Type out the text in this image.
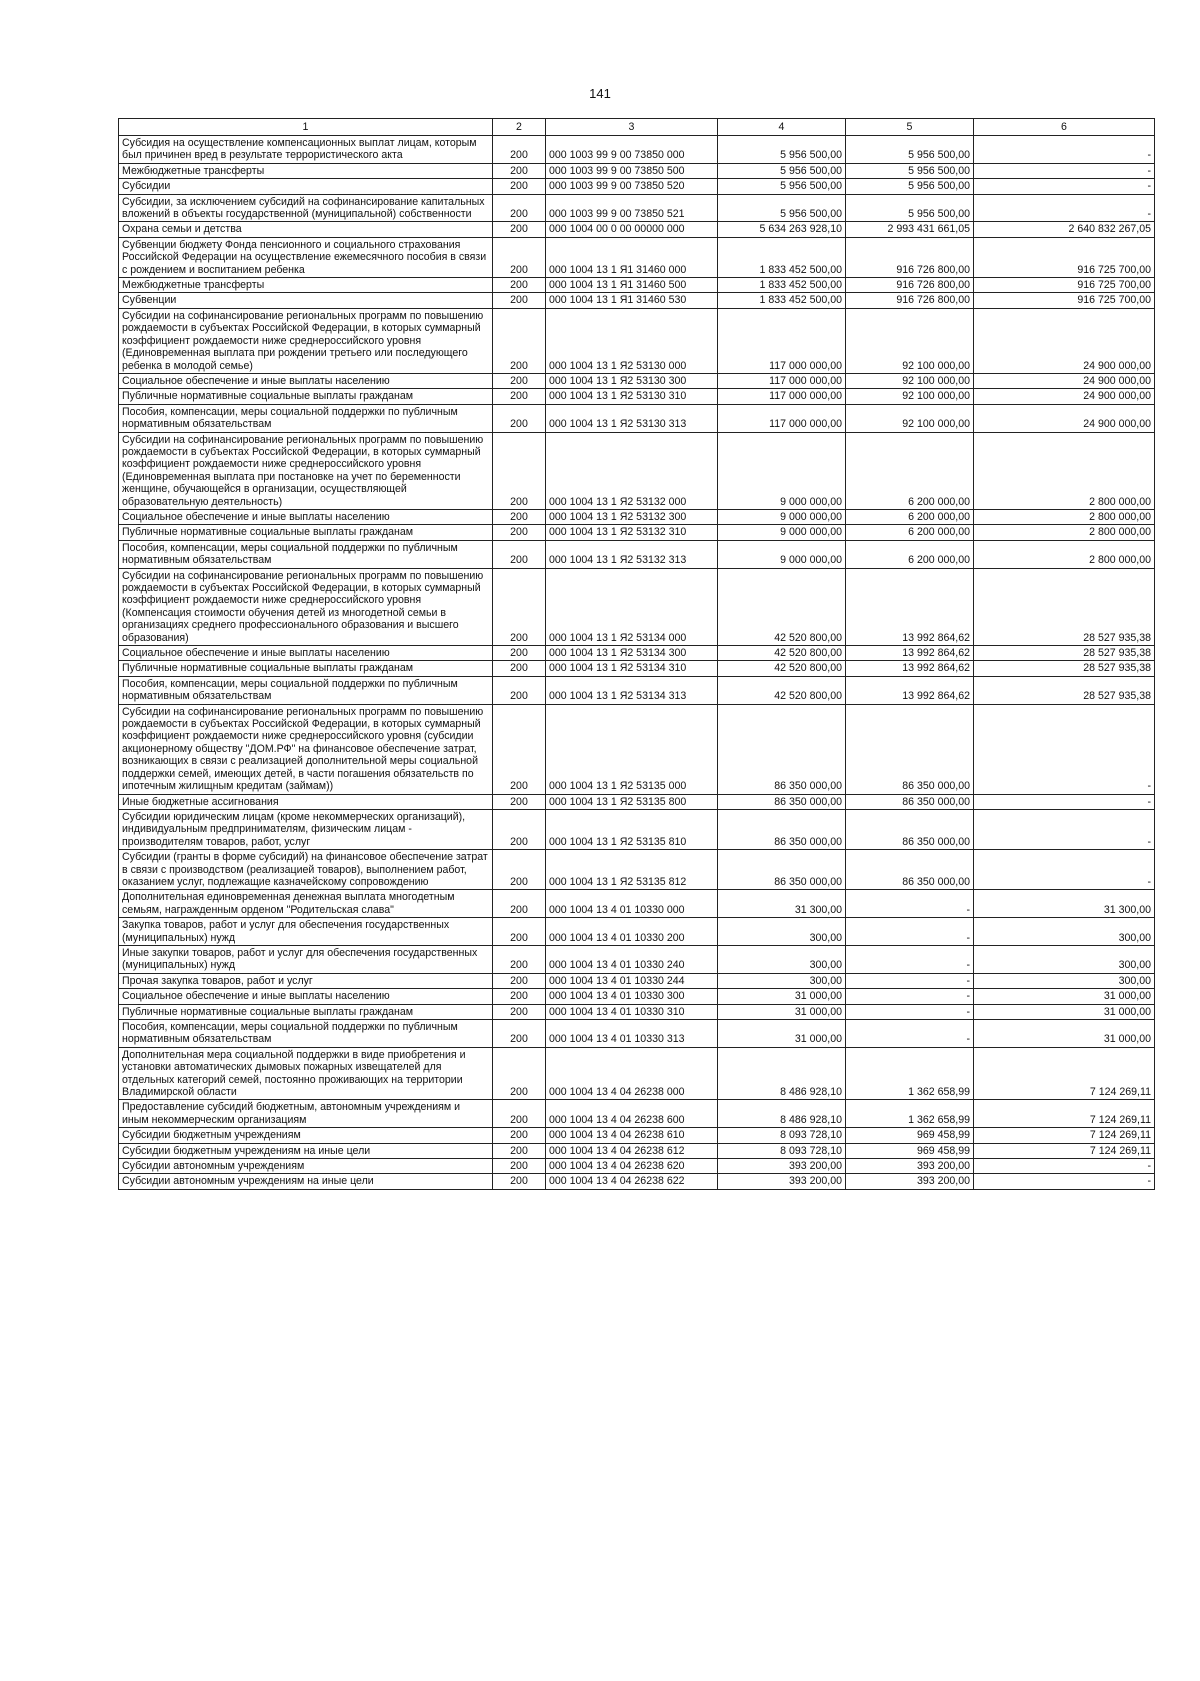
141
1	2	3	4	5	6
Субсидия на осуществление компенсационных выплат лицам, которым был причинен вред в результате террористического акта	200	000 1003 99 9 00 73850 000	5 956 500,00	5 956 500,00	-
Межбюджетные трансферты	200	000 1003 99 9 00 73850 500	5 956 500,00	5 956 500,00	-
Субсидии	200	000 1003 99 9 00 73850 520	5 956 500,00	5 956 500,00	-
Субсидии, за исключением субсидий на софинансирование капитальных вложений в объекты государственной (муниципальной) собственности	200	000 1003 99 9 00 73850 521	5 956 500,00	5 956 500,00	-
Охрана семьи и детства	200	000 1004 00 0 00 00000 000	5 634 263 928,10	2 993 431 661,05	2 640 832 267,05
Субвенции бюджету Фонда пенсионного и социального страхования Российской Федерации на осуществление ежемесячного пособия в связи с рождением и воспитанием ребенка	200	000 1004 13 1 Я1 31460 000	1 833 452 500,00	916 726 800,00	916 725 700,00
Межбюджетные трансферты	200	000 1004 13 1 Я1 31460 500	1 833 452 500,00	916 726 800,00	916 725 700,00
Субвенции	200	000 1004 13 1 Я1 31460 530	1 833 452 500,00	916 726 800,00	916 725 700,00
Субсидии на софинансирование региональных программ по повышению рождаемости в субъектах Российской Федерации, в которых суммарный коэффициент рождаемости ниже среднероссийского уровня (Единовременная выплата при рождении третьего или последующего ребенка в молодой семье)	200	000 1004 13 1 Я2 53130 000	117 000 000,00	92 100 000,00	24 900 000,00
Социальное обеспечение и иные выплаты населению	200	000 1004 13 1 Я2 53130 300	117 000 000,00	92 100 000,00	24 900 000,00
Публичные нормативные социальные выплаты гражданам	200	000 1004 13 1 Я2 53130 310	117 000 000,00	92 100 000,00	24 900 000,00
Пособия, компенсации, меры социальной поддержки по публичным нормативным обязательствам	200	000 1004 13 1 Я2 53130 313	117 000 000,00	92 100 000,00	24 900 000,00
Субсидии на софинансирование региональных программ по повышению рождаемости в субъектах Российской Федерации, в которых суммарный коэффициент рождаемости ниже среднероссийского уровня (Единовременная выплата при постановке на учет по беременности женщине, обучающейся в организации, осуществляющей образовательную деятельность)	200	000 1004 13 1 Я2 53132 000	9 000 000,00	6 200 000,00	2 800 000,00
Социальное обеспечение и иные выплаты населению	200	000 1004 13 1 Я2 53132 300	9 000 000,00	6 200 000,00	2 800 000,00
Публичные нормативные социальные выплаты гражданам	200	000 1004 13 1 Я2 53132 310	9 000 000,00	6 200 000,00	2 800 000,00
Пособия, компенсации, меры социальной поддержки по публичным нормативным обязательствам	200	000 1004 13 1 Я2 53132 313	9 000 000,00	6 200 000,00	2 800 000,00
Субсидии на софинансирование региональных программ по повышению рождаемости в субъектах Российской Федерации, в которых суммарный коэффициент рождаемости ниже среднероссийского уровня (Компенсация стоимости обучения детей из многодетной семьи в организациях среднего профессионального образования и высшего образования)	200	000 1004 13 1 Я2 53134 000	42 520 800,00	13 992 864,62	28 527 935,38
Социальное обеспечение и иные выплаты населению	200	000 1004 13 1 Я2 53134 300	42 520 800,00	13 992 864,62	28 527 935,38
Публичные нормативные социальные выплаты гражданам	200	000 1004 13 1 Я2 53134 310	42 520 800,00	13 992 864,62	28 527 935,38
Пособия, компенсации, меры социальной поддержки по публичным нормативным обязательствам	200	000 1004 13 1 Я2 53134 313	42 520 800,00	13 992 864,62	28 527 935,38
Субсидии на софинансирование региональных программ по повышению рождаемости в субъектах Российской Федерации, в которых суммарный коэффициент рождаемости ниже среднероссийского уровня (субсидии акционерному обществу "ДОМ.РФ" на финансовое обеспечение затрат, возникающих в связи с реализацией дополнительной меры социальной поддержки семей, имеющих детей, в части погашения обязательств по ипотечным жилищным кредитам (займам))	200	000 1004 13 1 Я2 53135 000	86 350 000,00	86 350 000,00	-
Иные бюджетные ассигнования	200	000 1004 13 1 Я2 53135 800	86 350 000,00	86 350 000,00	-
Субсидии юридическим лицам (кроме некоммерческих организаций), индивидуальным предпринимателям, физическим лицам - производителям товаров, работ, услуг	200	000 1004 13 1 Я2 53135 810	86 350 000,00	86 350 000,00	-
Субсидии (гранты в форме субсидий) на финансовое обеспечение затрат в связи с производством (реализацией товаров), выполнением работ, оказанием услуг, подлежащие казначейскому сопровождению	200	000 1004 13 1 Я2 53135 812	86 350 000,00	86 350 000,00	-
Дополнительная единовременная денежная выплата многодетным семьям, награжденным орденом "Родительская слава"	200	000 1004 13 4 01 10330 000	31 300,00	-	31 300,00
Закупка товаров, работ и услуг для обеспечения государственных (муниципальных) нужд	200	000 1004 13 4 01 10330 200	300,00	-	300,00
Иные закупки товаров, работ и услуг для обеспечения государственных (муниципальных) нужд	200	000 1004 13 4 01 10330 240	300,00	-	300,00
Прочая закупка товаров, работ и услуг	200	000 1004 13 4 01 10330 244	300,00	-	300,00
Социальное обеспечение и иные выплаты населению	200	000 1004 13 4 01 10330 300	31 000,00	-	31 000,00
Публичные нормативные социальные выплаты гражданам	200	000 1004 13 4 01 10330 310	31 000,00	-	31 000,00
Пособия, компенсации, меры социальной поддержки по публичным нормативным обязательствам	200	000 1004 13 4 01 10330 313	31 000,00	-	31 000,00
Дополнительная мера социальной поддержки в виде приобретения и установки автоматических дымовых пожарных извещателей для отдельных категорий семей, постоянно проживающих на территории Владимирской области	200	000 1004 13 4 04 26238 000	8 486 928,10	1 362 658,99	7 124 269,11
Предоставление субсидий бюджетным, автономным учреждениям и иным некоммерческим организациям	200	000 1004 13 4 04 26238 600	8 486 928,10	1 362 658,99	7 124 269,11
Субсидии бюджетным учреждениям	200	000 1004 13 4 04 26238 610	8 093 728,10	969 458,99	7 124 269,11
Субсидии бюджетным учреждениям на иные цели	200	000 1004 13 4 04 26238 612	8 093 728,10	969 458,99	7 124 269,11
Субсидии автономным учреждениям	200	000 1004 13 4 04 26238 620	393 200,00	393 200,00	-
Субсидии автономным учреждениям на иные цели	200	000 1004 13 4 04 26238 622	393 200,00	393 200,00	-
